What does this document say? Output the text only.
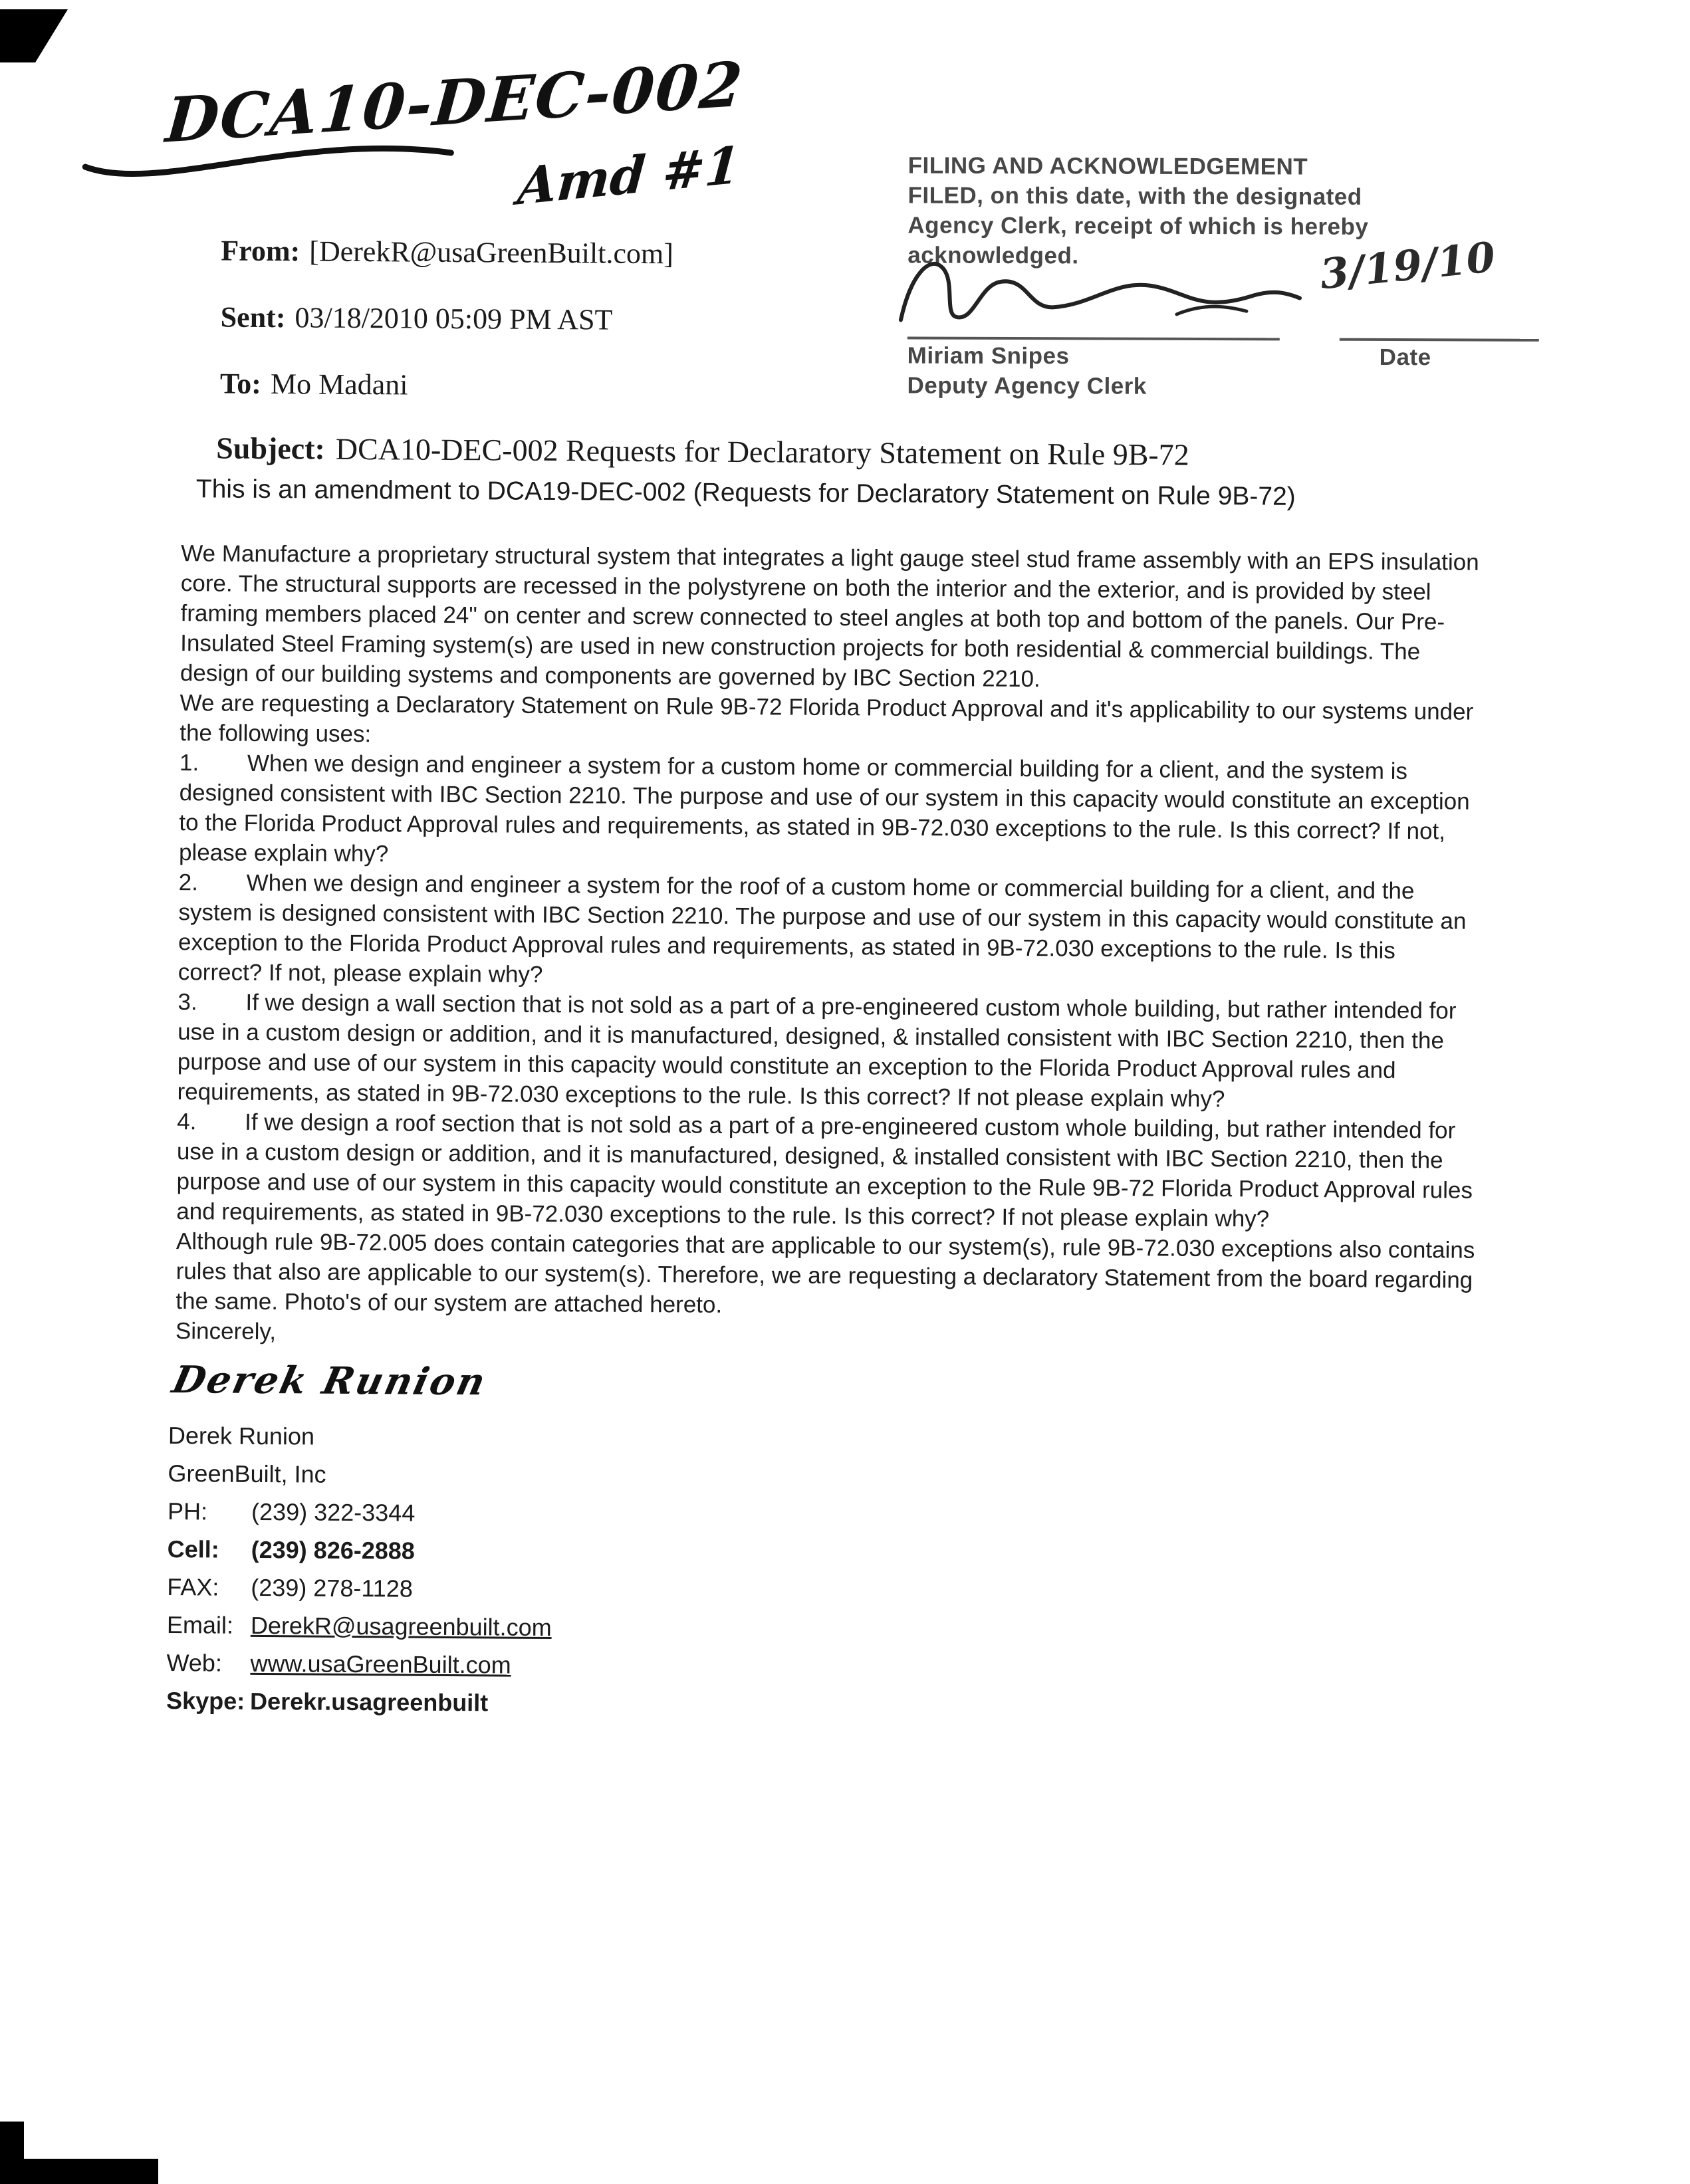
DCA10-DEC-002
Amd #1
From: [DerekR@usaGreenBuilt.com]
Sent: 03/18/2010 05:09 PM AST
To: Mo Madani
FILING AND ACKNOWLEDGEMENT
FILED, on this date, with the designated
Agency Clerk, receipt of which is hereby
acknowledged.	3/19/10
Miriam Snipes	Date
Deputy Agency Clerk
Subject: DCA10-DEC-002 Requests for Declaratory Statement on Rule 9B-72
This is an amendment to DCA19-DEC-002 (Requests for Declaratory Statement on Rule 9B-72)

We Manufacture a proprietary structural system that integrates a light gauge steel stud frame assembly with an EPS insulation core. The structural supports are recessed in the polystyrene on both the interior and the exterior, and is provided by steel framing members placed 24" on center and screw connected to steel angles at both top and bottom of the panels. Our Pre-Insulated Steel Framing system(s) are used in new construction projects for both residential & commercial buildings. The design of our building systems and components are governed by IBC Section 2210.

We are requesting a Declaratory Statement on Rule 9B-72 Florida Product Approval and it's applicability to our systems under the following uses:

1. When we design and engineer a system for a custom home or commercial building for a client, and the system is designed consistent with IBC Section 2210. The purpose and use of our system in this capacity would constitute an exception to the Florida Product Approval rules and requirements, as stated in 9B-72.030 exceptions to the rule. Is this correct? If not, please explain why?

2. When we design and engineer a system for the roof of a custom home or commercial building for a client, and the system is designed consistent with IBC Section 2210. The purpose and use of our system in this capacity would constitute an exception to the Florida Product Approval rules and requirements, as stated in 9B-72.030 exceptions to the rule. Is this correct? If not, please explain why?

3. If we design a wall section that is not sold as a part of a pre-engineered custom whole building, but rather intended for use in a custom design or addition, and it is manufactured, designed, & installed consistent with IBC Section 2210, then the purpose and use of our system in this capacity would constitute an exception to the Florida Product Approval rules and requirements, as stated in 9B-72.030 exceptions to the rule. Is this correct? If not please explain why?

4. If we design a roof section that is not sold as a part of a pre-engineered custom whole building, but rather intended for use in a custom design or addition, and it is manufactured, designed, & installed consistent with IBC Section 2210, then the purpose and use of our system in this capacity would constitute an exception to the Rule 9B-72 Florida Product Approval rules and requirements, as stated in 9B-72.030 exceptions to the rule. Is this correct? If not please explain why?

Although rule 9B-72.005 does contain categories that are applicable to our system(s), rule 9B-72.030 exceptions also contains rules that also are applicable to our system(s). Therefore, we are requesting a declaratory Statement from the board regarding the same. Photo's of our system are attached hereto.

Sincerely,

Derek Runion
Derek Runion
GreenBuilt, Inc
PH:	(239) 322-3344
Cell:	(239) 826-2888
FAX:	(239) 278-1128
Email: DerekR@usagreenbuilt.com
Web:	www.usaGreenBuilt.com
Skype: Derekr.usagreenbuilt
